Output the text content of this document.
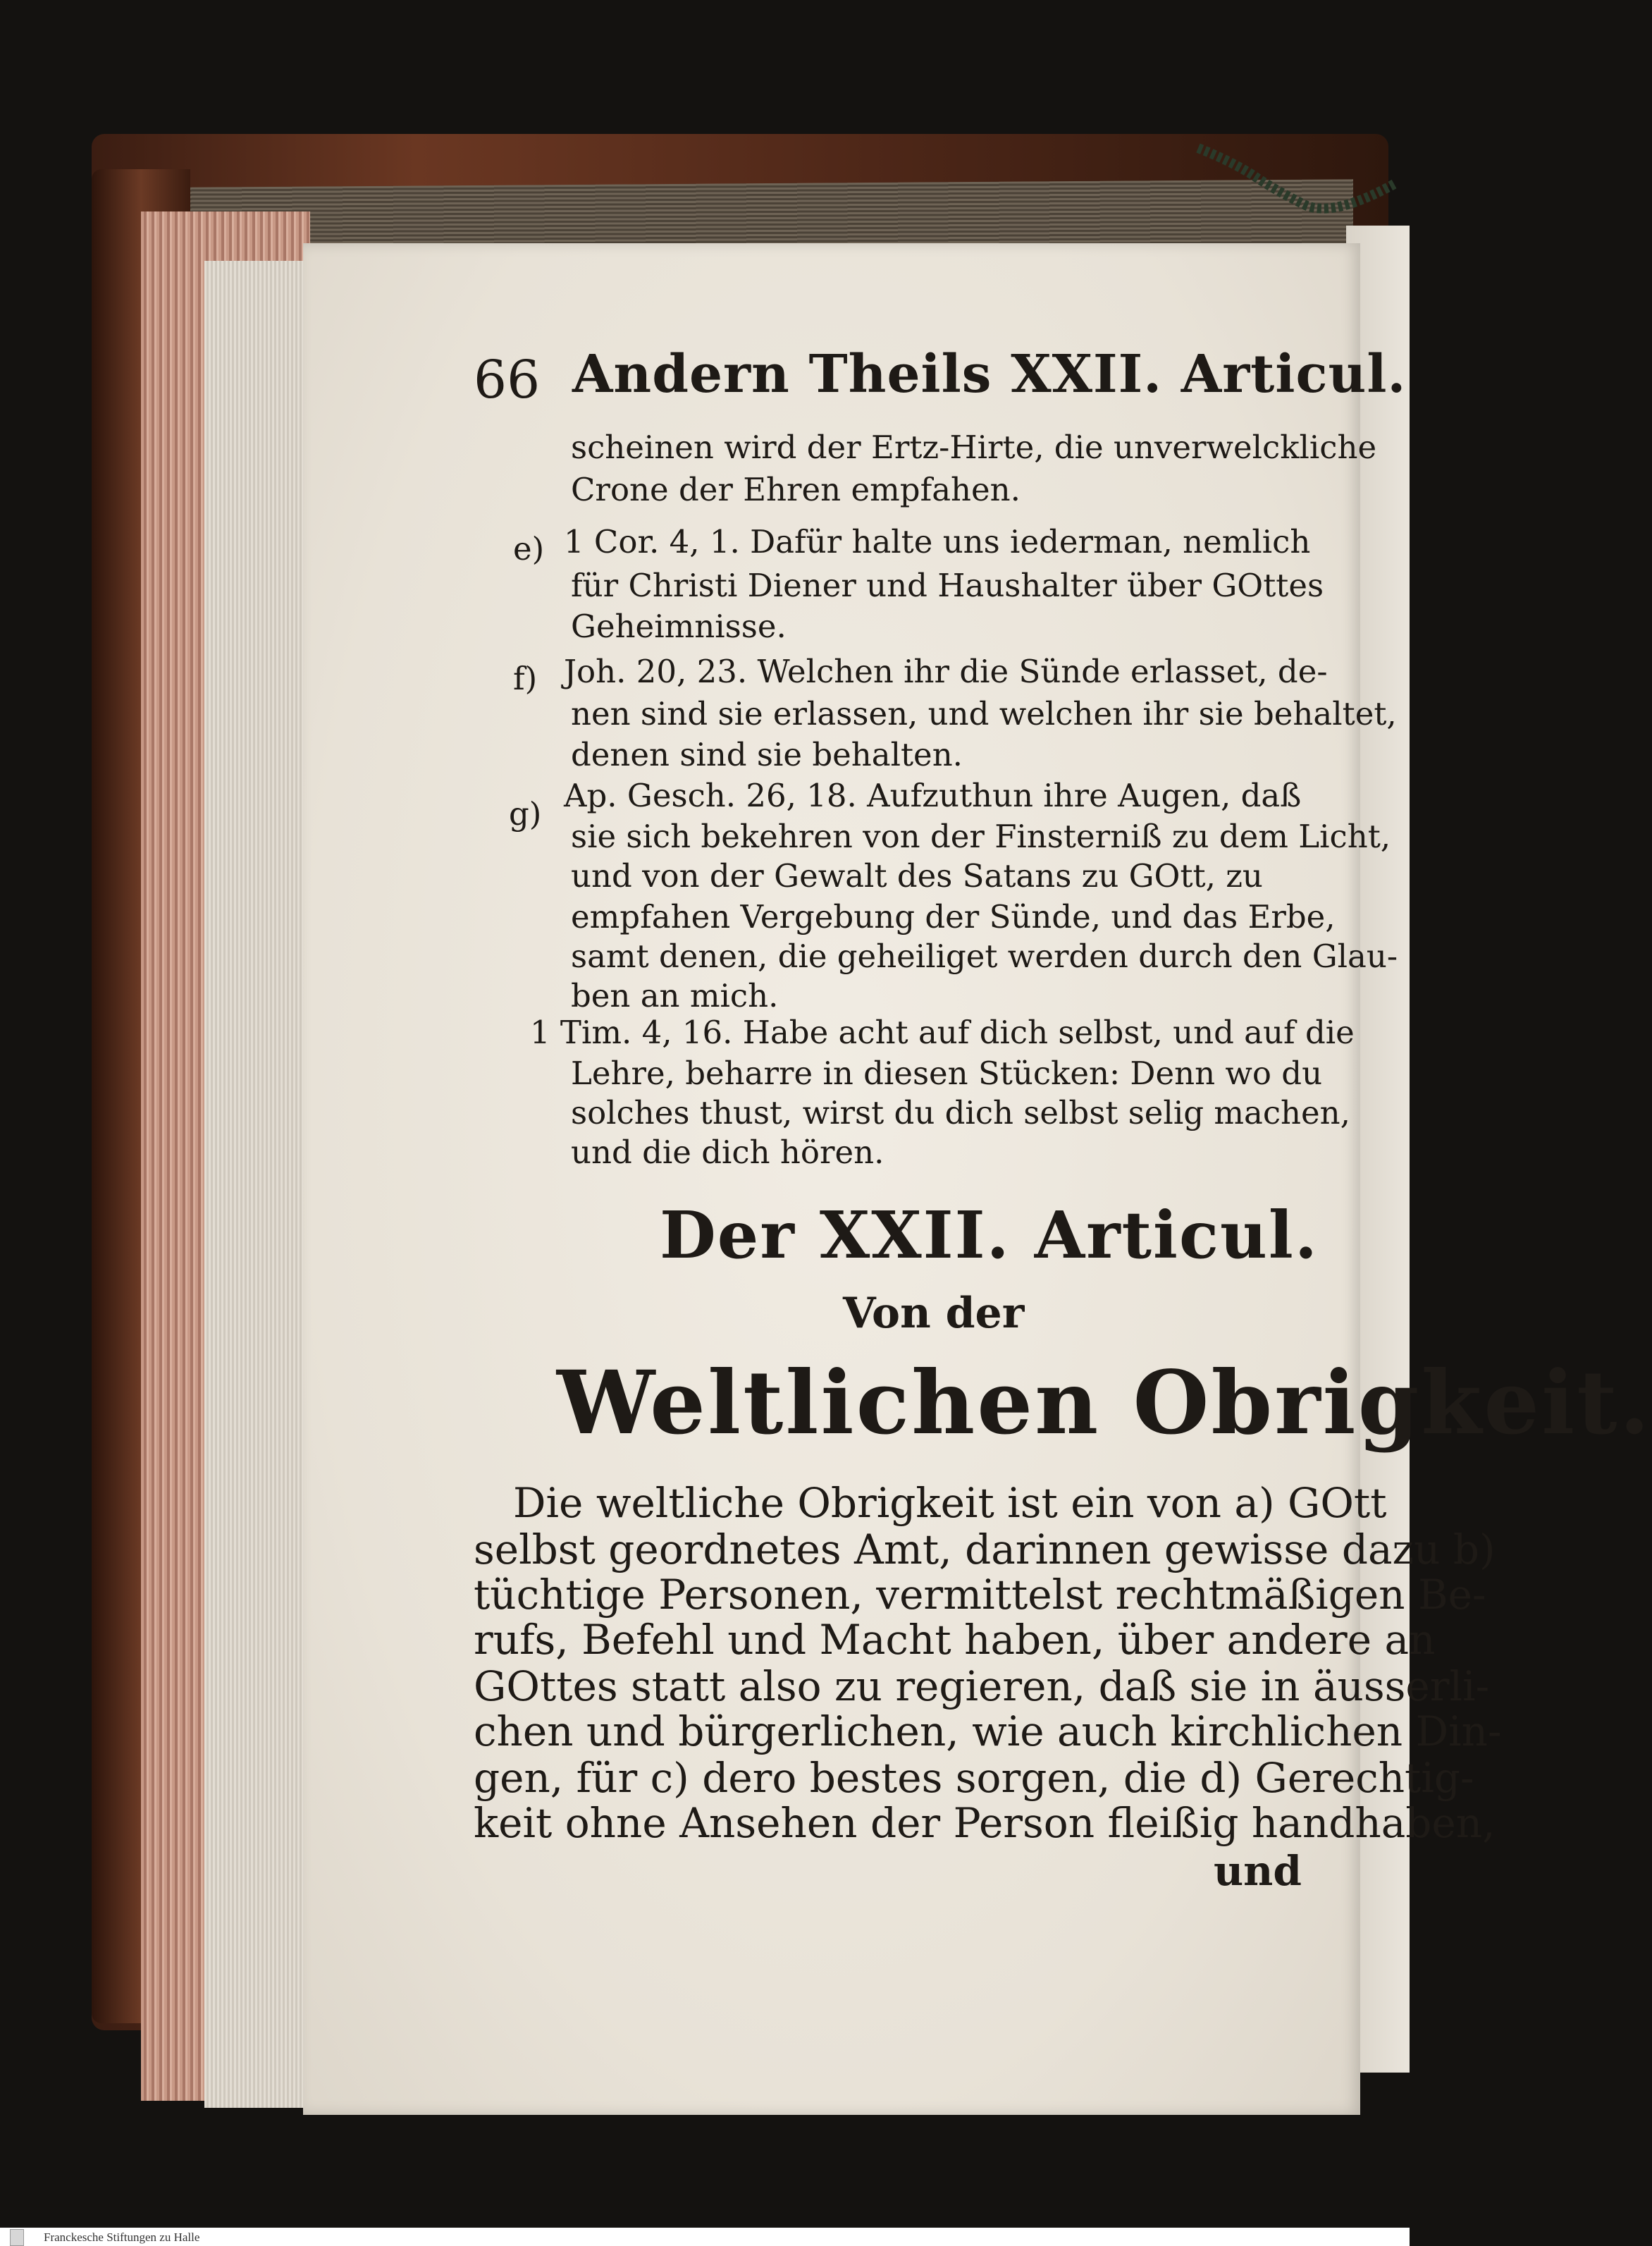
66 Andern Theils XXII. Articul.
scheinen wird der Ertz-Hirte, die unverwelckliche
Crone der Ehren empfahen.
e) 1 Cor. 4, 1. Dafür halte uns iederman, nemlich
für Christi Diener und Haushalter über GOttes
Geheimnisse.
f) Joh. 20, 23. Welchen ihr die Sünde erlasset, de-
nen sind sie erlassen, und welchen ihr sie behaltet,
denen sind sie behalten.
g) Ap. Gesch. 26, 18. Aufzuthun ihre Augen, daß
sie sich bekehren von der Finsterniß zu dem Licht,
und von der Gewalt des Satans zu GOtt, zu
empfahen Vergebung der Sünde, und das Erbe,
samt denen, die geheiliget werden durch den Glau-
ben an mich.
1 Tim. 4, 16. Habe acht auf dich selbst, und auf die
Lehre, beharre in diesen Stücken: Denn wo du
solches thust, wirst du dich selbst selig machen,
und die dich hören.
Der XXII. Articul.
Von der
Weltlichen Obrigkeit.
Die weltliche Obrigkeit ist ein von a) GOtt
selbst geordnetes Amt, darinnen gewisse dazu b)
tüchtige Personen, vermittelst rechtmäßigen Be-
rufs, Befehl und Macht haben, über andere an
GOttes statt also zu regieren, daß sie in äusserli-
chen und bürgerlichen, wie auch kirchlichen Din-
gen, für c) dero bestes sorgen, die d) Gerechtig-
keit ohne Ansehen der Person fleißig handhaben,
und
Franckesche Stiftungen zu Halle
